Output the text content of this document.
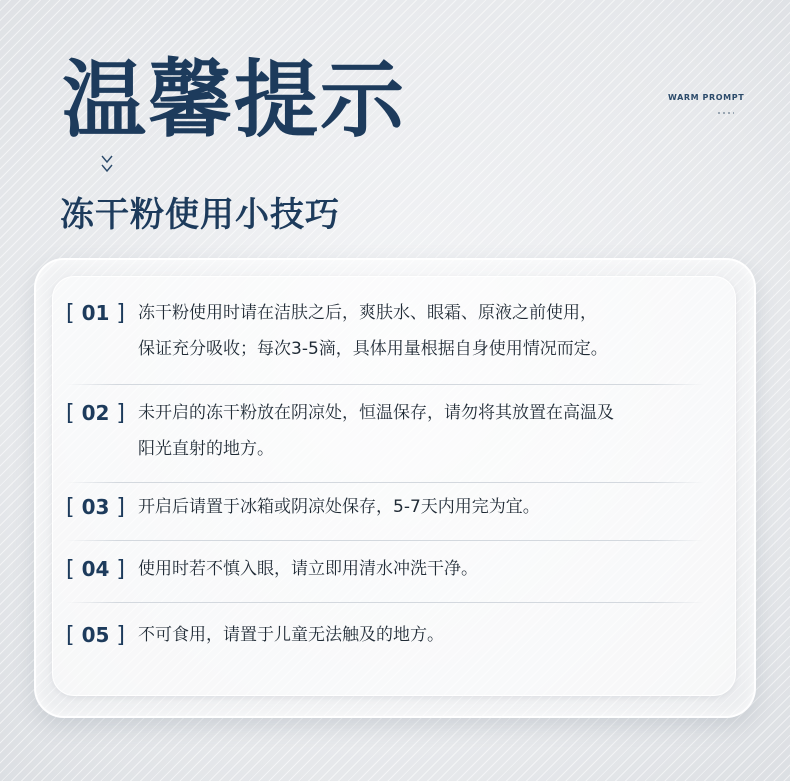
温馨提示	WARM PROMPT
冻干粉使用小技巧
[ 01 ] 冻干粉使用时请在洁肤之后，爽肤水、眼霜、原液之前使用，
保证充分吸收；每次3-5滴，具体用量根据自身使用情况而定。
[ 02 ] 未开启的冻干粉放在阴凉处，恒温保存，请勿将其放置在高温及
阳光直射的地方。
[ 03 ] 开启后请置于冰箱或阴凉处保存，5-7天内用完为宜。
[ 04 ] 使用时若不慎入眼，请立即用清水冲洗干净。
[ 05 ] 不可食用，请置于儿童无法触及的地方。
